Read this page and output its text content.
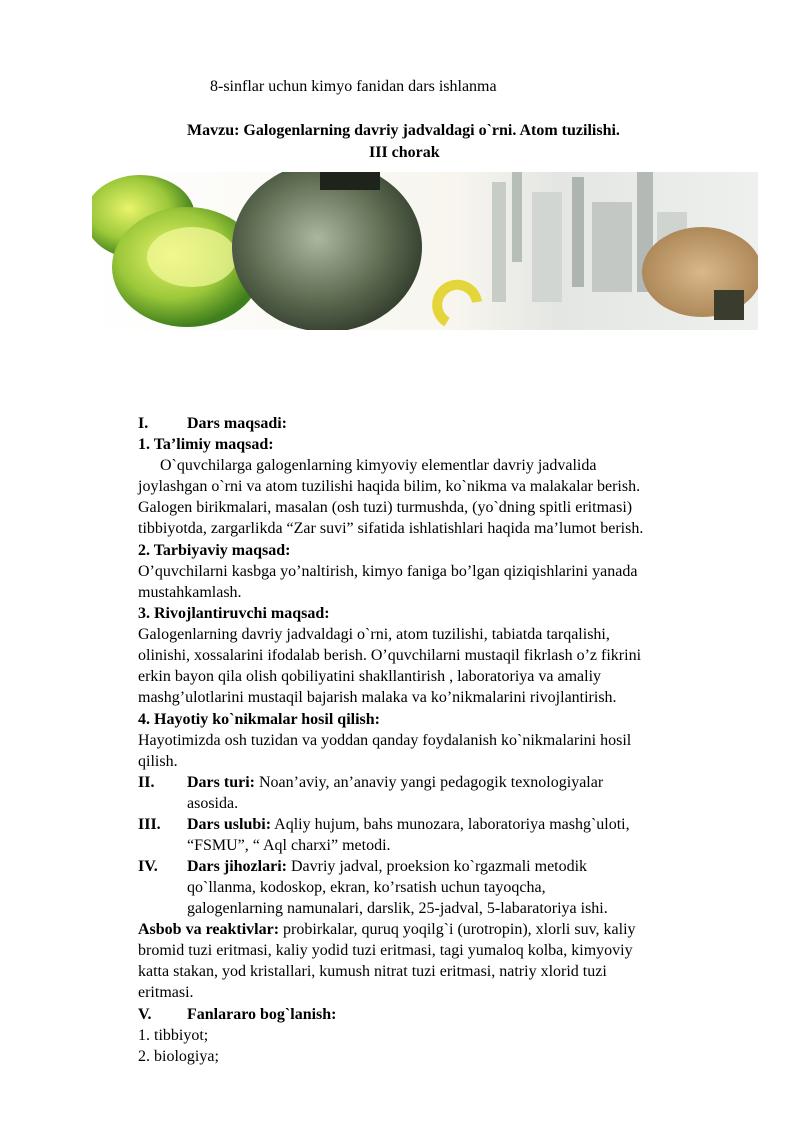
8-sinflar uchun kimyo fanidan dars ishlanma
Mavzu: Galogenlarning davriy jadvaldagi o`rni. Atom tuzilishi.
III chorak
I. Dars maqsadi:
1. Ta’limiy maqsad:
O`quvchilarga galogenlarning kimyoviy elementlar davriy jadvalida
joylashgan o`rni va atom tuzilishi haqida bilim, ko`nikma va malakalar berish.
Galogen birikmalari, masalan (osh tuzi) turmushda, (yo`dning spitli eritmasi)
tibbiyotda, zargarlikda “Zar suvi” sifatida ishlatishlari haqida ma’lumot berish.
2. Tarbiyaviy maqsad:
O’quvchilarni kasbga yo’naltirish, kimyo faniga bo’lgan qiziqishlarini yanada
mustahkamlash.
3. Rivojlantiruvchi maqsad:
Galogenlarning davriy jadvaldagi o`rni, atom tuzilishi, tabiatda tarqalishi,
olinishi, xossalarini ifodalab berish. O’quvchilarni mustaqil fikrlash o’z fikrini
erkin bayon qila olish qobiliyatini shakllantirish , laboratoriya va amaliy
mashg’ulotlarini mustaqil bajarish malaka va ko’nikmalarini rivojlantirish.
4. Hayotiy ko`nikmalar hosil qilish:
Hayotimizda osh tuzidan va yoddan qanday foydalanish ko`nikmalarini hosil
qilish.
II. Dars turi: Noan’aviy, an’anaviy yangi pedagogik texnologiyalar
asosida.
III. Dars uslubi: Aqliy hujum, bahs munozara, laboratoriya mashg`uloti,
“FSMU”, “ Aql charxi” metodi.
IV. Dars jihozlari: Davriy jadval, proeksion ko`rgazmali metodik
qo`llanma, kodoskop, ekran, ko’rsatish uchun tayoqcha,
galogenlarning namunalari, darslik, 25-jadval, 5-labaratoriya ishi.
Asbob va reaktivlar: probirkalar, quruq yoqilg`i (urotropin), xlorli suv, kaliy
bromid tuzi eritmasi, kaliy yodid tuzi eritmasi, tagi yumaloq kolba, kimyoviy
katta stakan, yod kristallari, kumush nitrat tuzi eritmasi, natriy xlorid tuzi
eritmasi.
V. Fanlararo bog`lanish:
1. tibbiyot;
2. biologiya;
